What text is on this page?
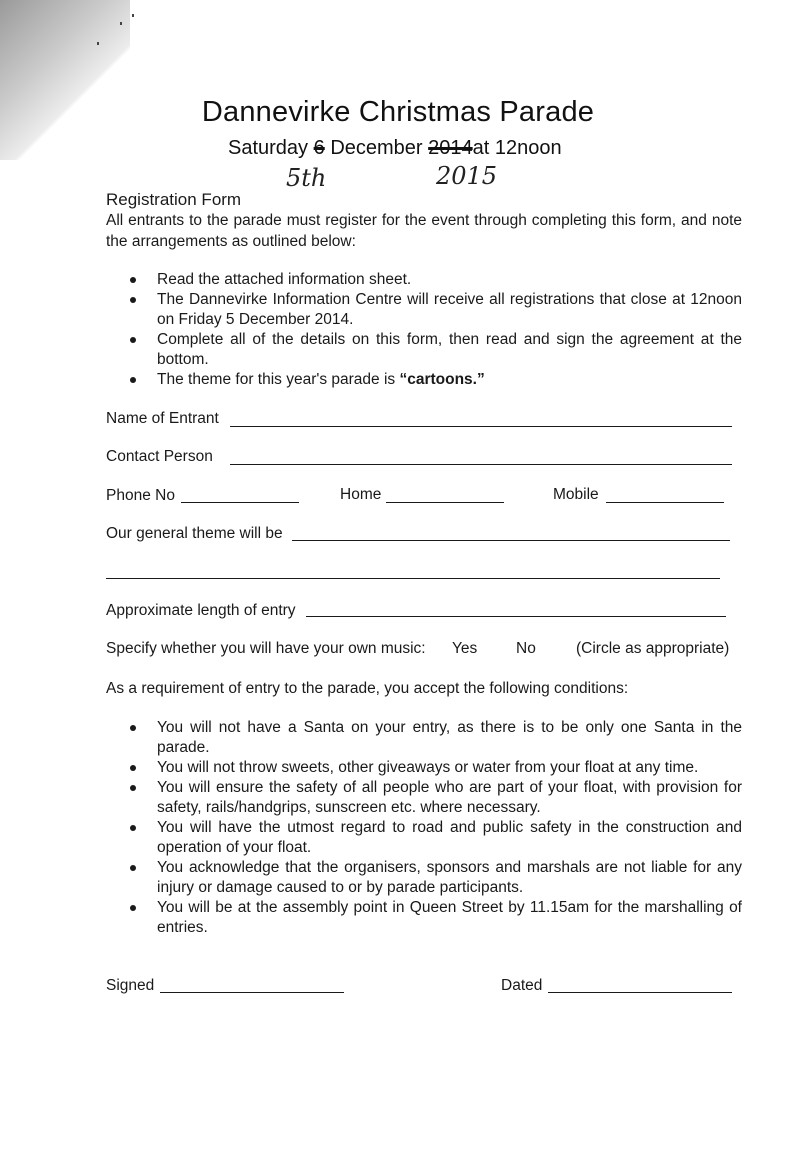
Dannevirke Christmas Parade
Saturday 6 December 2014at 12noon
5th	2015
Registration Form
All entrants to the parade must register for the event through completing this form, and note the arrangements as outlined below:
Read the attached information sheet.
The Dannevirke Information Centre will receive all registrations that close at 12noon on Friday 5 December 2014.
Complete all of the details on this form, then read and sign the agreement at the bottom.
The theme for this year's parade is “cartoons.”
Name of Entrant
Contact Person
Phone No	Home	Mobile
Our general theme will be
Approximate length of entry
Specify whether you will have your own music: Yes No	(Circle as appropriate)
As a requirement of entry to the parade, you accept the following conditions:
You will not have a Santa on your entry, as there is to be only one Santa in the parade.
You will not throw sweets, other giveaways or water from your float at any time.
You will ensure the safety of all people who are part of your float, with provision for safety, rails/handgrips, sunscreen etc. where necessary.
You will have the utmost regard to road and public safety in the construction and operation of your float.
You acknowledge that the organisers, sponsors and marshals are not liable for any injury or damage caused to or by parade participants.
You will be at the assembly point in Queen Street by 11.15am for the marshalling of entries.
Signed	Dated
